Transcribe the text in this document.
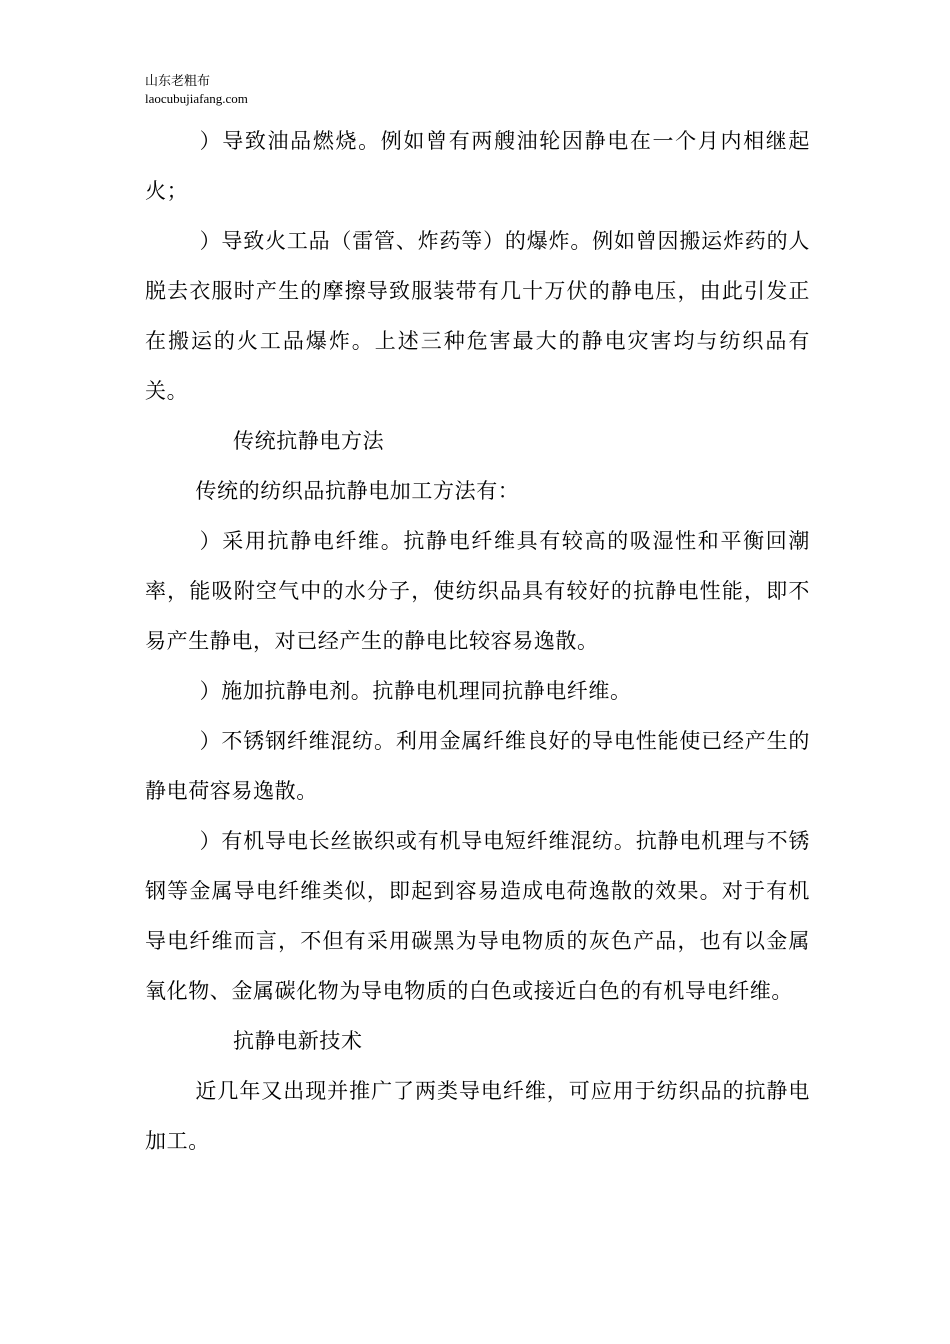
山东老粗布
laocubujiafang.com

）导致油品燃烧。例如曾有两艘油轮因静电在一个月内相继起火；

）导致火工品（雷管、炸药等）的爆炸。例如曾因搬运炸药的人脱去衣服时产生的摩擦导致服装带有几十万伏的静电压，由此引发正在搬运的火工品爆炸。上述三种危害最大的静电灾害均与纺织品有关。

传统抗静电方法

传统的纺织品抗静电加工方法有：

）采用抗静电纤维。抗静电纤维具有较高的吸湿性和平衡回潮率，能吸附空气中的水分子，使纺织品具有较好的抗静电性能，即不易产生静电，对已经产生的静电比较容易逸散。

）施加抗静电剂。抗静电机理同抗静电纤维。

）不锈钢纤维混纺。利用金属纤维良好的导电性能使已经产生的静电荷容易逸散。

）有机导电长丝嵌织或有机导电短纤维混纺。抗静电机理与不锈钢等金属导电纤维类似，即起到容易造成电荷逸散的效果。对于有机导电纤维而言，不但有采用碳黑为导电物质的灰色产品，也有以金属氧化物、金属碳化物为导电物质的白色或接近白色的有机导电纤维。

抗静电新技术

近几年又出现并推广了两类导电纤维，可应用于纺织品的抗静电加工。
